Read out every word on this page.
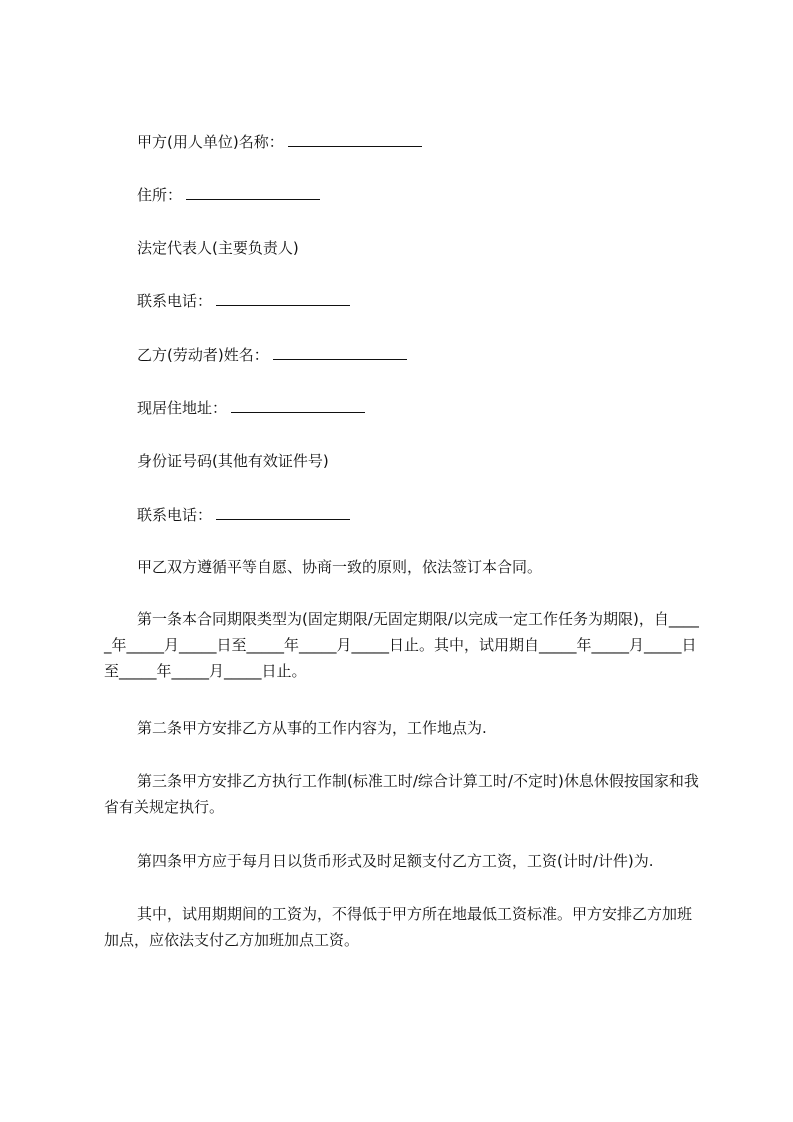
甲方(用人单位)名称：
住所：
法定代表人(主要负责人)
联系电话：
乙方(劳动者)姓名：
现居住地址：
身份证号码(其他有效证件号)
联系电话：
甲乙双方遵循平等自愿、协商一致的原则，依法签订本合同。
第一条本合同期限类型为(固定期限/无固定期限/以完成一定工作任务为期限)，自_____年_____月_____日至_____年_____月_____日止。其中，试用期自_____年_____月_____日至_____年_____月_____日止。
第二条甲方安排乙方从事的工作内容为，工作地点为.
第三条甲方安排乙方执行工作制(标准工时/综合计算工时/不定时)休息休假按国家和我省有关规定执行。
第四条甲方应于每月日以货币形式及时足额支付乙方工资，工资(计时/计件)为.
其中，试用期期间的工资为，不得低于甲方所在地最低工资标准。甲方安排乙方加班加点，应依法支付乙方加班加点工资。
